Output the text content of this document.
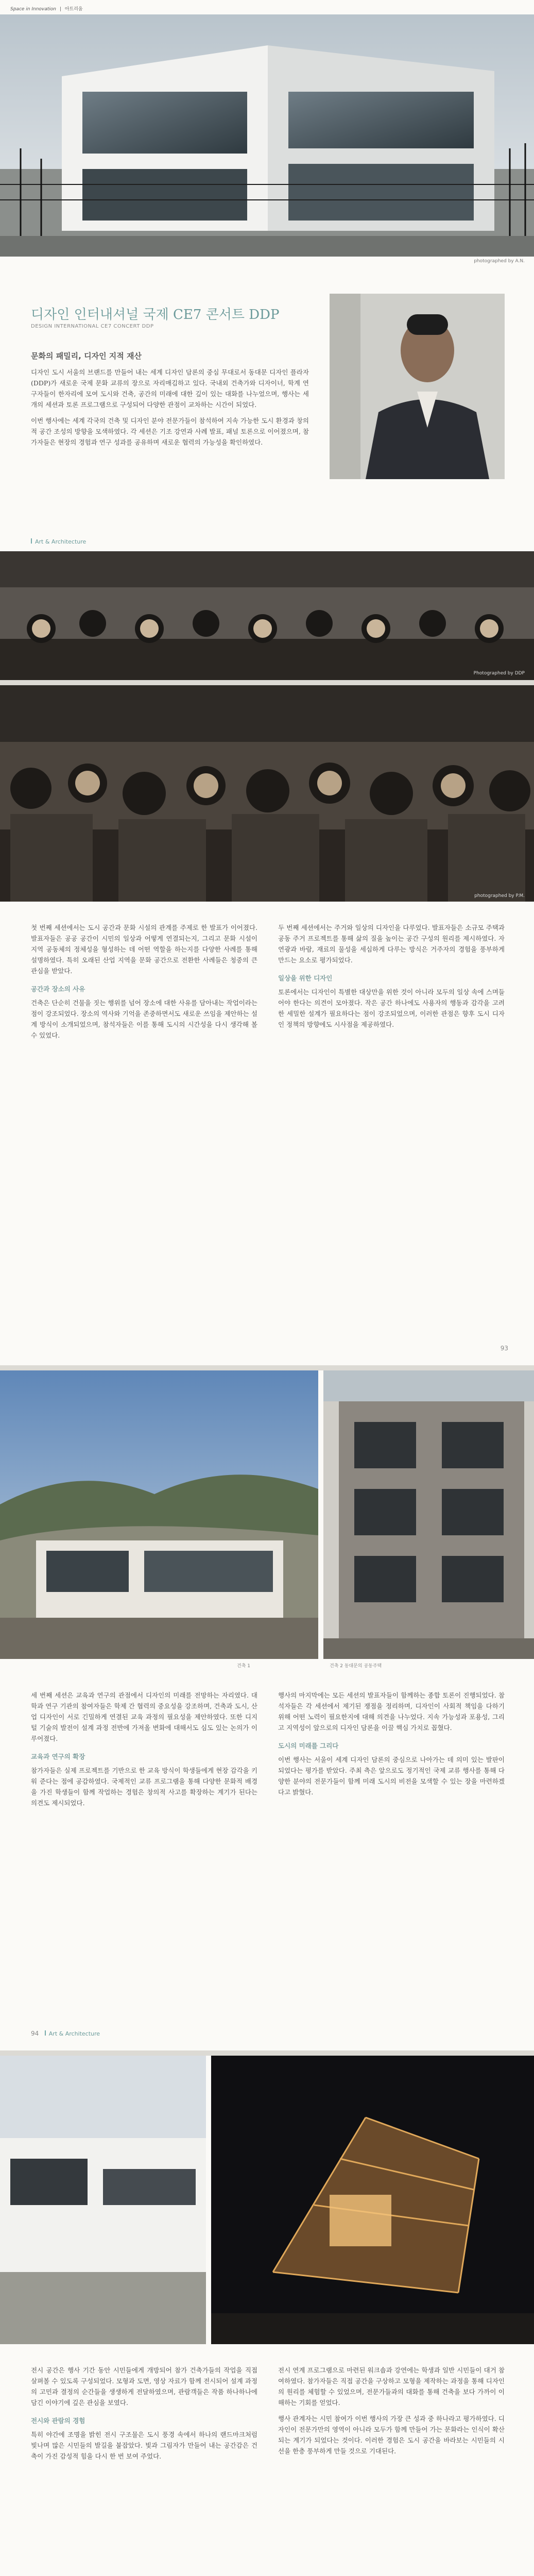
Space in Innovation | 아트리움
photographed by A.N.
디자인 인터내셔널 국제 CE7 콘서트 DDP
DESIGN INTERNATIONAL CE7 CONCERT DDP
문화의 패밀리, 디자인 지적 재산

디자인 도시 서울의 브랜드를 만들어 내는 세계 디자인 담론의 중심 무대로서 동대문 디자인 플라자(DDP)가 새로운 국제 문화 교류의 장으로 자리매김하고 있다. 국내외 건축가와 디자이너, 학계 연구자들이 한자리에 모여 도시와 건축, 공간의 미래에 대한 깊이 있는 대화를 나누었으며, 행사는 세 개의 세션과 토론 프로그램으로 구성되어 다양한 관점이 교차하는 시간이 되었다.

이번 행사에는 세계 각국의 건축 및 디자인 분야 전문가들이 참석하여 지속 가능한 도시 환경과 창의적 공간 조성의 방향을 모색하였다. 각 세션은 기조 강연과 사례 발표, 패널 토론으로 이어졌으며, 참가자들은 현장의 경험과 연구 성과를 공유하며 새로운 협력의 가능성을 확인하였다.

Art & Architecture
Photographed by DDP
photographed by P.M.

첫 번째 세션에서는 도시 공간과 문화 시설의 관계를 주제로 한 발표가 이어졌다. 발표자들은 공공 공간이 시민의 일상과 어떻게 연결되는지, 그리고 문화 시설이 지역 공동체의 정체성을 형성하는 데 어떤 역할을 하는지를 다양한 사례를 통해 설명하였다. 특히 오래된 산업 지역을 문화 공간으로 전환한 사례들은 청중의 큰 관심을 받았다.

공간과 장소의 사유

건축은 단순히 건물을 짓는 행위를 넘어 장소에 대한 사유를 담아내는 작업이라는 점이 강조되었다. 장소의 역사와 기억을 존중하면서도 새로운 쓰임을 제안하는 설계 방식이 소개되었으며, 참석자들은 이를 통해 도시의 시간성을 다시 생각해 볼 수 있었다.

두 번째 세션에서는 주거와 일상의 디자인을 다루었다. 발표자들은 소규모 주택과 공동 주거 프로젝트를 통해 삶의 질을 높이는 공간 구성의 원리를 제시하였다. 자연광과 바람, 재료의 물성을 세심하게 다루는 방식은 거주자의 경험을 풍부하게 만드는 요소로 평가되었다.

일상을 위한 디자인

토론에서는 디자인이 특별한 대상만을 위한 것이 아니라 모두의 일상 속에 스며들어야 한다는 의견이 모아졌다. 작은 공간 하나에도 사용자의 행동과 감각을 고려한 세밀한 설계가 필요하다는 점이 강조되었으며, 이러한 관점은 향후 도시 디자인 정책의 방향에도 시사점을 제공하였다.

93
건축 1	건축 2 동대문의 공동주택

세 번째 세션은 교육과 연구의 관점에서 디자인의 미래를 전망하는 자리였다. 대학과 연구 기관의 참여자들은 학제 간 협력의 중요성을 강조하며, 건축과 도시, 산업 디자인이 서로 긴밀하게 연결된 교육 과정의 필요성을 제안하였다. 또한 디지털 기술의 발전이 설계 과정 전반에 가져올 변화에 대해서도 심도 있는 논의가 이루어졌다.

교육과 연구의 확장

참가자들은 실제 프로젝트를 기반으로 한 교육 방식이 학생들에게 현장 감각을 키워 준다는 점에 공감하였다. 국제적인 교류 프로그램을 통해 다양한 문화적 배경을 가진 학생들이 함께 작업하는 경험은 창의적 사고를 확장하는 계기가 된다는 의견도 제시되었다.

행사의 마지막에는 모든 세션의 발표자들이 함께하는 종합 토론이 진행되었다. 참석자들은 각 세션에서 제기된 쟁점을 정리하며, 디자인이 사회적 책임을 다하기 위해 어떤 노력이 필요한지에 대해 의견을 나누었다. 지속 가능성과 포용성, 그리고 지역성이 앞으로의 디자인 담론을 이끌 핵심 가치로 꼽혔다.

도시의 미래를 그리다

이번 행사는 서울이 세계 디자인 담론의 중심으로 나아가는 데 의미 있는 발판이 되었다는 평가를 받았다. 주최 측은 앞으로도 정기적인 국제 교류 행사를 통해 다양한 분야의 전문가들이 함께 미래 도시의 비전을 모색할 수 있는 장을 마련하겠다고 밝혔다.

94 Art & Architecture

전시 공간은 행사 기간 동안 시민들에게 개방되어 참가 건축가들의 작업을 직접 살펴볼 수 있도록 구성되었다. 모형과 도면, 영상 자료가 함께 전시되어 설계 과정의 고민과 결정의 순간들을 생생하게 전달하였으며, 관람객들은 작품 하나하나에 담긴 이야기에 깊은 관심을 보였다.

전시와 관람의 경험

특히 야간에 조명을 밝힌 전시 구조물은 도시 풍경 속에서 하나의 랜드마크처럼 빛나며 많은 시민들의 발길을 붙잡았다. 빛과 그림자가 만들어 내는 공간감은 건축이 가진 감성적 힘을 다시 한 번 보여 주었다.

전시 연계 프로그램으로 마련된 워크숍과 강연에는 학생과 일반 시민들이 대거 참여하였다. 참가자들은 직접 공간을 구상하고 모형을 제작하는 과정을 통해 디자인의 원리를 체험할 수 있었으며, 전문가들과의 대화를 통해 건축을 보다 가까이 이해하는 기회를 얻었다.

행사 관계자는 시민 참여가 이번 행사의 가장 큰 성과 중 하나라고 평가하였다. 디자인이 전문가만의 영역이 아니라 모두가 함께 만들어 가는 문화라는 인식이 확산되는 계기가 되었다는 것이다. 이러한 경험은 도시 공간을 바라보는 시민들의 시선을 한층 풍부하게 만들 것으로 기대된다.
